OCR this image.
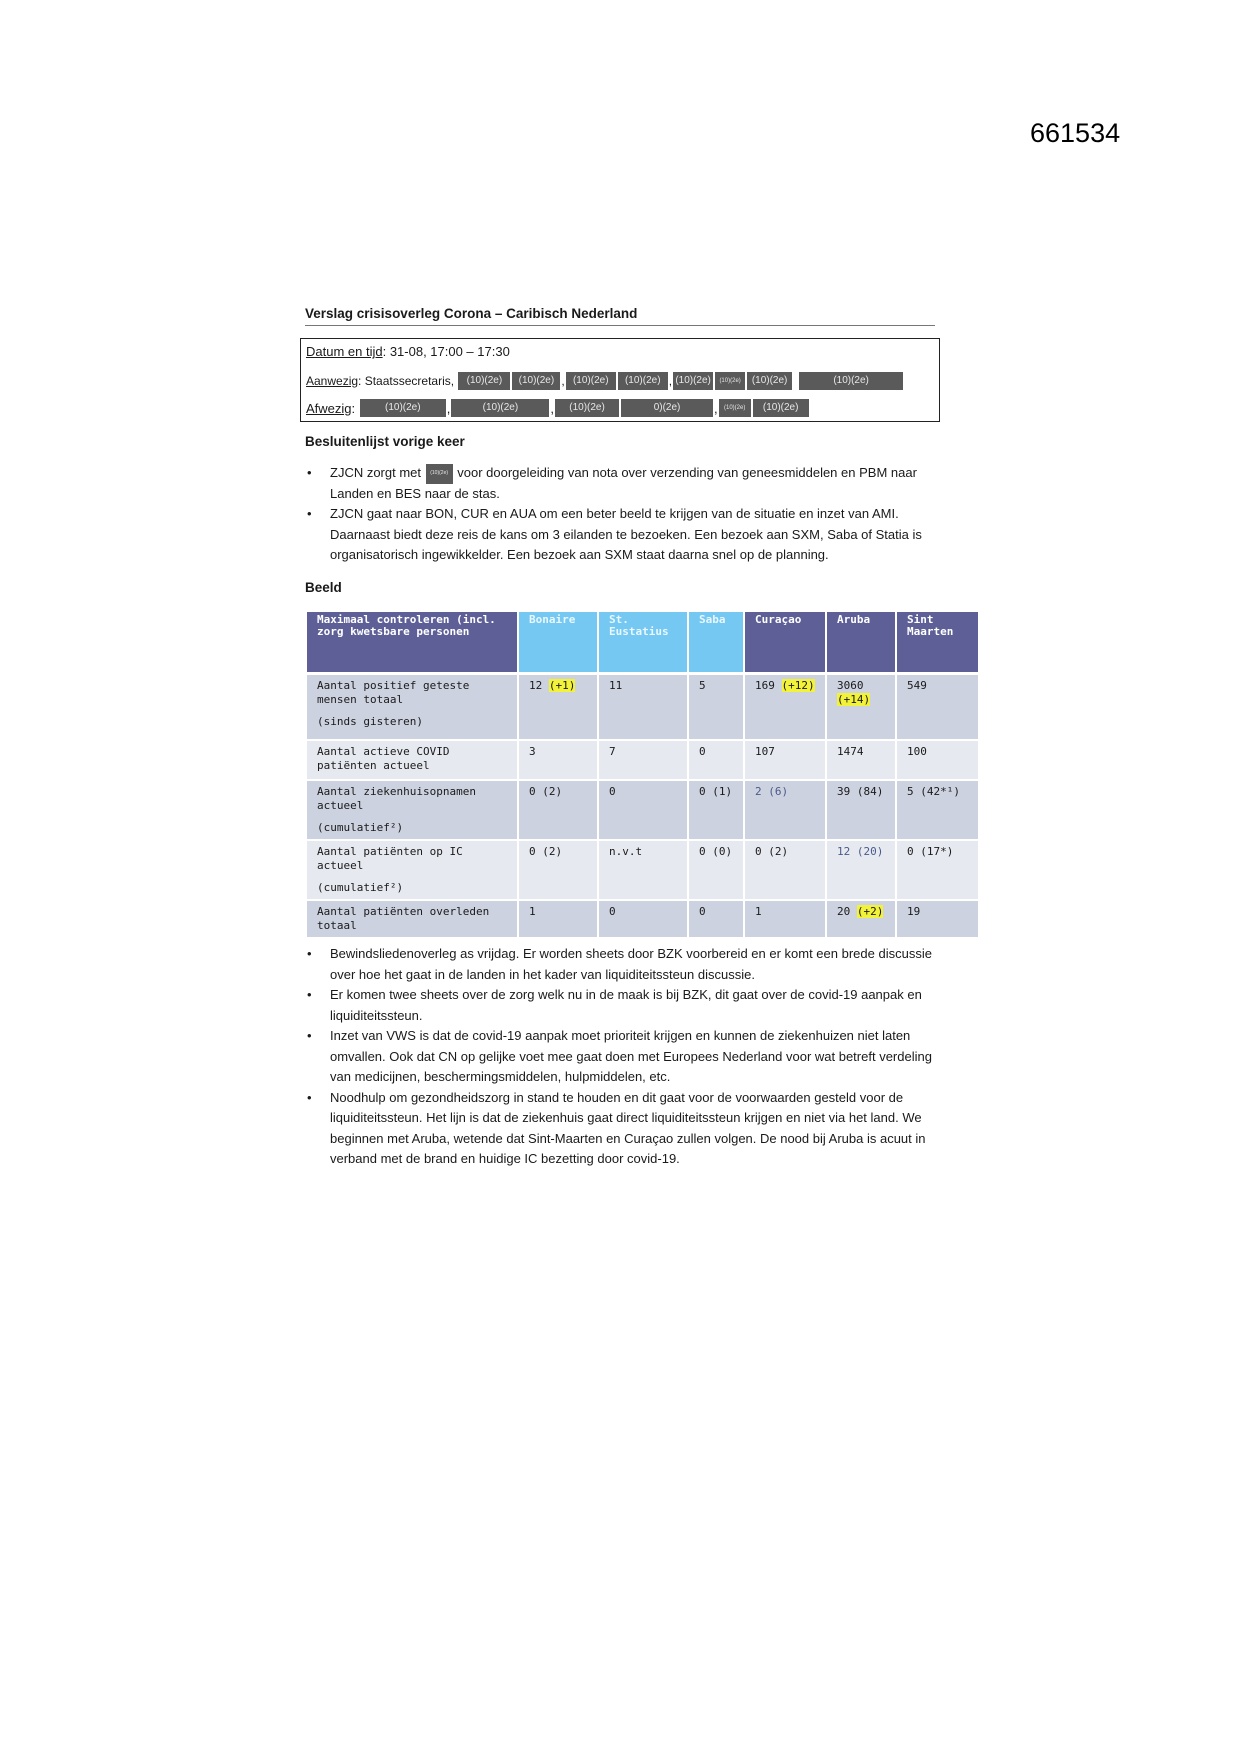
661534
Verslag crisisoverleg Corona – Caribisch Nederland
Datum en tijd : 31-08, 17:00 – 17:30
Aanwezig : Staatssecretaris,
	(10)(2e)	(10)(2e) , (10)(2e)	(10)(2e) , (10)(2e)	(10)(2e)	(10)(2e)	(10)(2e)
Afwezig :
	(10)(2e)	,	(10)(2e)	,	(10)(2e)	0)(2e)	,	(10)(2e)	(10)(2e)
Besluitenlijst vorige keer
• ZJCN zorgt met (10)(2e) voor doorgeleiding van nota over verzending van geneesmiddelen en PBM naar Landen en BES naar de stas.
• ZJCN gaat naar BON, CUR en AUA om een beter beeld te krijgen van de situatie en inzet van AMI. Daarnaast biedt deze reis de kans om 3 eilanden te bezoeken. Een bezoek aan SXM, Saba of Statia is organisatorisch ingewikkelder. Een bezoek aan SXM staat daarna snel op de planning.
Beeld
Maximaal controleren (incl. zorg kwetsbare personen	Bonaire	St. Eustatius	Saba	Curaçao	Aruba	Sint Maarten
Aantal positief geteste mensen totaal
(sinds gisteren)	12 (+1)	11	5	169 (+12)	3060 (+14)	549
Aantal actieve COVID patiënten actueel	3	7	0	107	1474	100
Aantal ziekenhuisopnamen actueel
(cumulatief²)	0 (2)	0	0 (1)	2 (6)	39 (84)	5 (42*¹)
Aantal patiënten op IC actueel
(cumulatief²)	0 (2)	n.v.t	0 (0)	0 (2)	12 (20)	0 (17*)
Aantal patiënten overleden totaal	1	0	0	1	20 (+2)	19
• Bewindsliedenoverleg as vrijdag. Er worden sheets door BZK voorbereid en er komt een brede discussie over hoe het gaat in de landen in het kader van liquiditeitssteun discussie.
• Er komen twee sheets over de zorg welk nu in de maak is bij BZK, dit gaat over de covid-19 aanpak en liquiditeitssteun.
• Inzet van VWS is dat de covid-19 aanpak moet prioriteit krijgen en kunnen de ziekenhuizen niet laten omvallen. Ook dat CN op gelijke voet mee gaat doen met Europees Nederland voor wat betreft verdeling van medicijnen, beschermingsmiddelen, hulpmiddelen, etc.
• Noodhulp om gezondheidszorg in stand te houden en dit gaat voor de voorwaarden gesteld voor de liquiditeitssteun. Het lijn is dat de ziekenhuis gaat direct liquiditeitssteun krijgen en niet via het land. We beginnen met Aruba, wetende dat Sint-Maarten en Curaçao zullen volgen. De nood bij Aruba is acuut in verband met de brand en huidige IC bezetting door covid-19.
